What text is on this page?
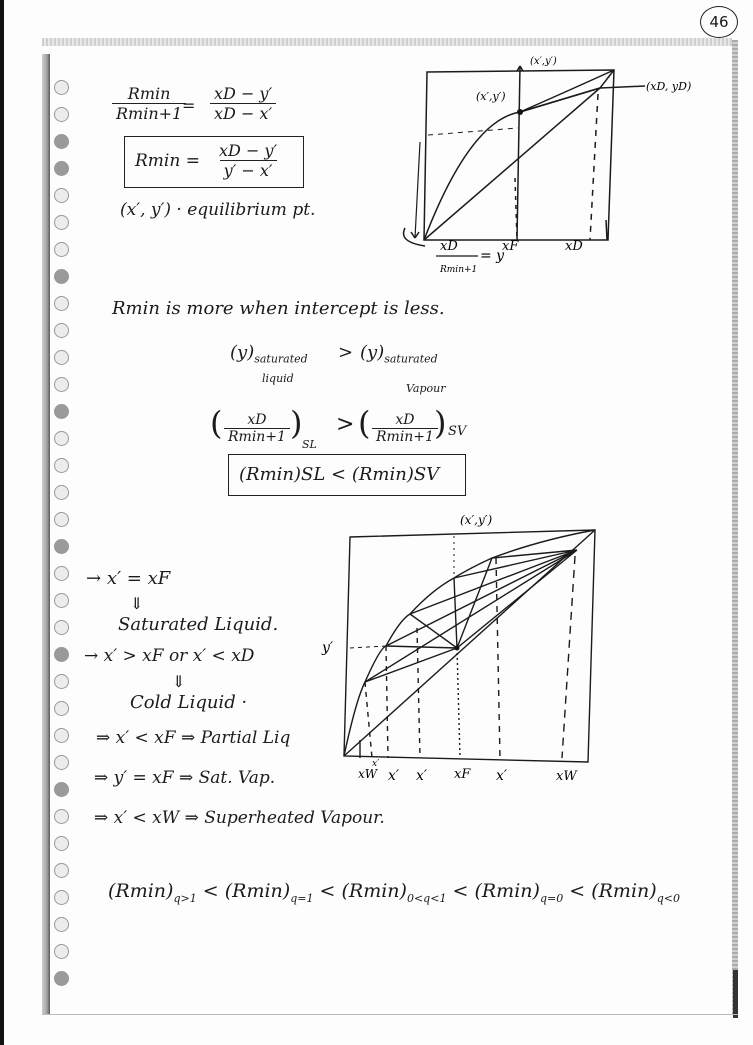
46
Rmin
$Rmin+1 = \frac{xD - y'}{xD - x'}$
$Rmin = \frac{xD - y'}{y' - x'}$
(x′, y′) · equilibrium pt.
(x′,y′)
(x′,y′)
(xD, yD)
xD	xF	xD
Rmin+1
= y
Rmin is more when intercept is less.
$(y)_{saturated}$
liquid
> $(y)_{saturated}$
Vapour
( xD
Rmin+1 )
SL
> ( xD
Rmin+1 ) SV
(Rmin)SL < (Rmin)SV
→ x′ = xF
⇓
Saturated Liquid.
→ x′ > xF or x′ < xD
⇓
Cold Liquid ·
⇒ x′ < xF ⇒ Partial Liq
⇒ y′ = xF ⇒ Sat. Vap.
⇒ x′ < xW ⇒ Superheated Vapour.
(x′,y′)
y′
xW
x′
x′ x′ xF x′	xW
$(Rmin)_{q>1} < (Rmin)_{q=1} < (Rmin)_{0<q<1} < (Rmin)_{q=0} < (Rmin)_{q<0}$
